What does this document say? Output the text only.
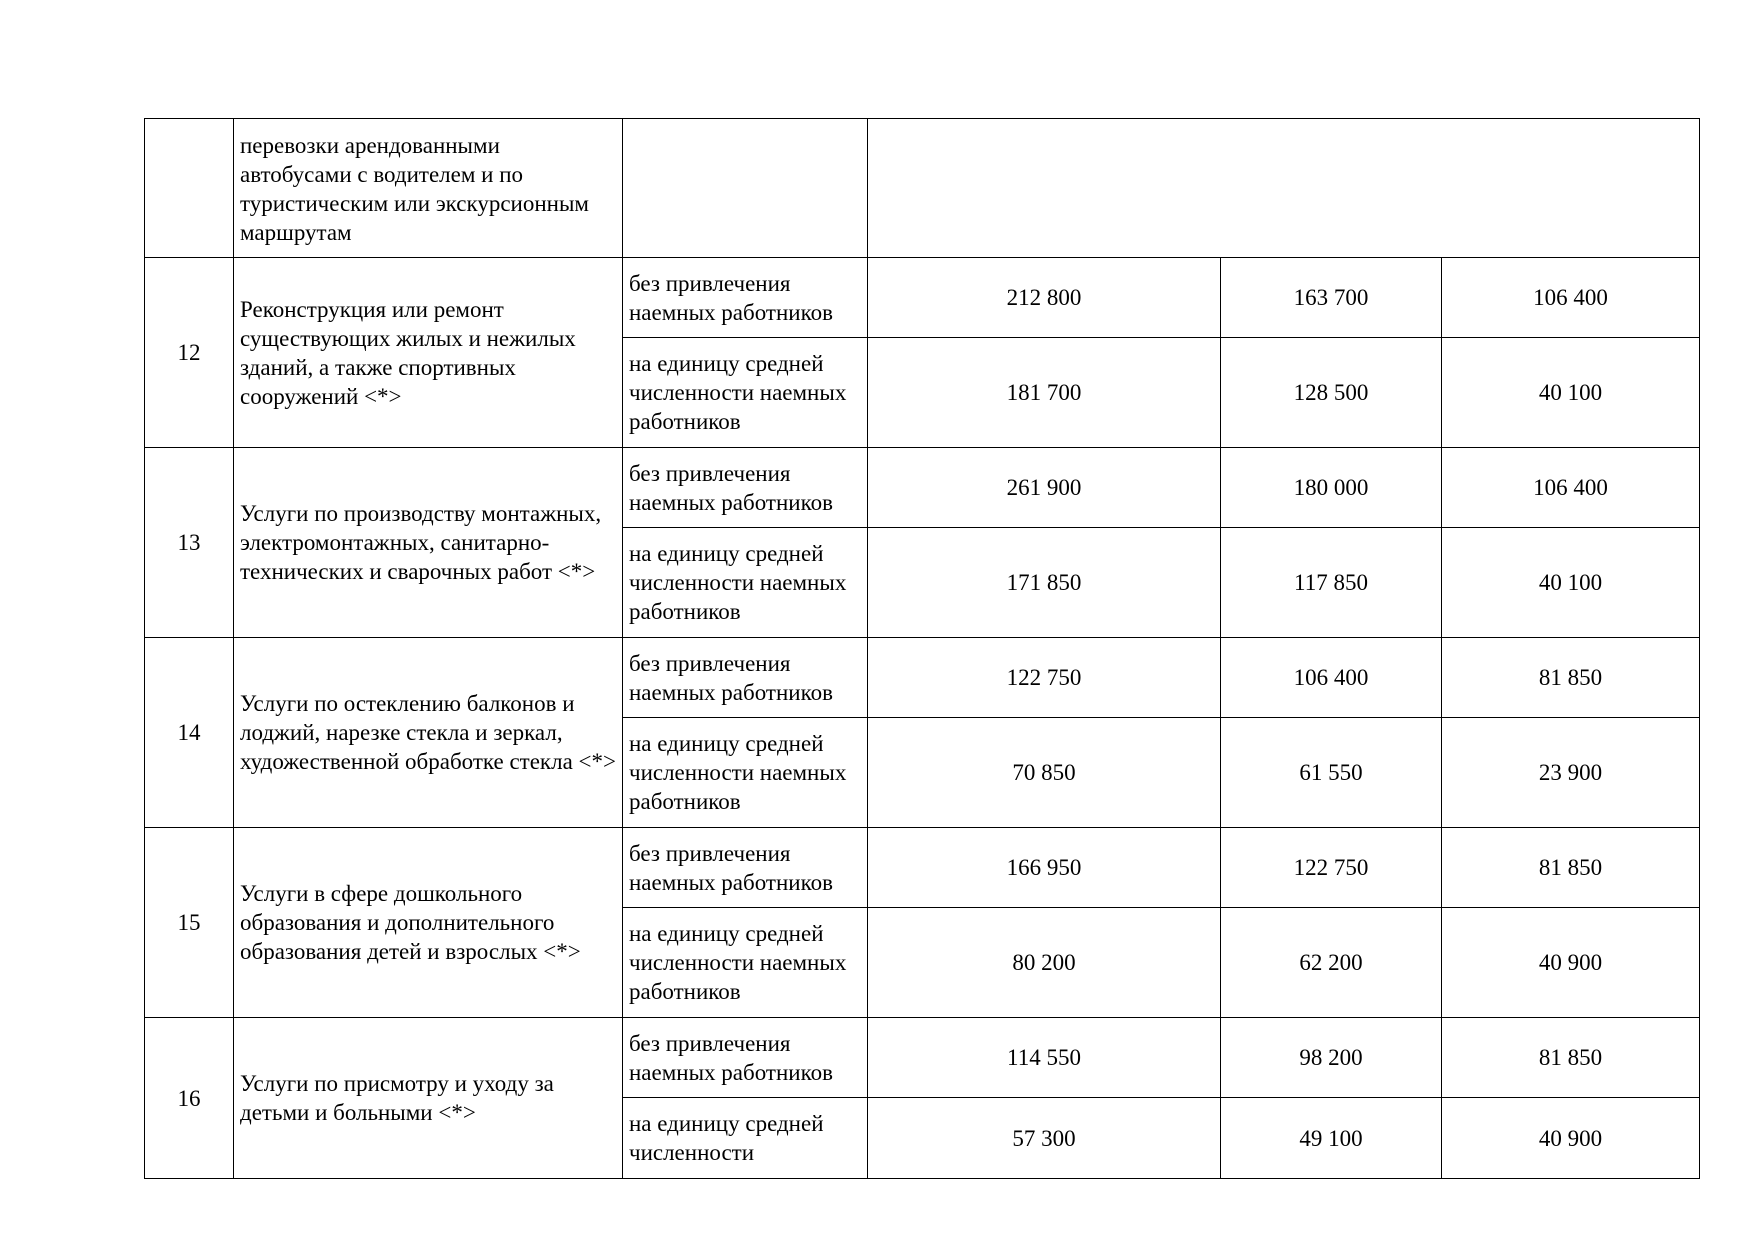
	перевозки арендованными автобусами с водителем и по туристическим или экскурсионным маршрутам				
12	Реконструкция или ремонт существующих жилых и нежилых зданий, а также спортивных сооружений <*>	без привлечения наемных работников	212 800	163 700	106 400
		на единицу средней численности наемных работников	181 700	128 500	40 100
13	Услуги по производству монтажных, электромонтажных, санитарно-технических и сварочных работ <*>	без привлечения наемных работников	261 900	180 000	106 400
		на единицу средней численности наемных работников	171 850	117 850	40 100
14	Услуги по остеклению балконов и лоджий, нарезке стекла и зеркал, художественной обработке стекла <*>	без привлечения наемных работников	122 750	106 400	81 850
		на единицу средней численности наемных работников	70 850	61 550	23 900
15	Услуги в сфере дошкольного образования и дополнительного образования детей и взрослых <*>	без привлечения наемных работников	166 950	122 750	81 850
		на единицу средней численности наемных работников	80 200	62 200	40 900
16	Услуги по присмотру и уходу за детьми и больными <*>	без привлечения наемных работников	114 550	98 200	81 850
		на единицу средней численности	57 300	49 100	40 900
